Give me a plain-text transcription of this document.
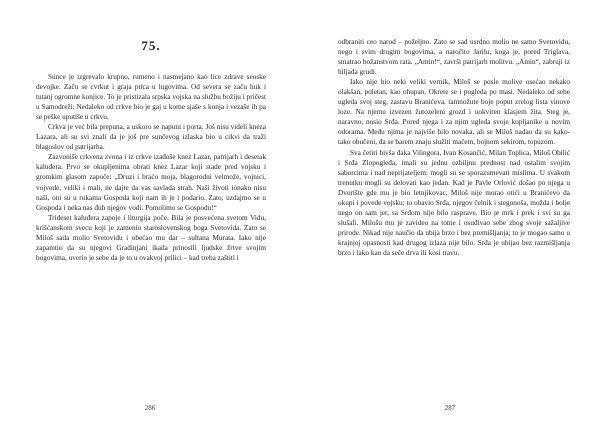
75.

Sunce je izgrevalo krupno, rumeno i nasmejano kao lice zdrave seoske devojke. Začu se cvrkut i graja ptica u lugovima. Od severa se začu huk i tutanj ogromne konjice. To je pristizala srpska vojska na službu božiju i pričest u Samodreži. Nedaleko od crkve bio je gaj u kome sjaše s konja i vezaše ih pa se peške uputiše u crkvu.

Crkva je već bila prepuna, a uskoro se napuni i porta. Još nisu videli kneza Lazara, ali su svi znali da je još pre sunčevog izlaska bio u crkvi da traži blagoslov od patrijarha.

Zazvoniše crkvena zvona i iz crkve izađoše knez Lazar, patrijarh i desetak kaluđera. Prvo se okupljenima obrati knez Lazar koji stade pred vojsku i gromkim glasom započe: „Druzi i braćo moja, blagorodni velmože, vojnici, vojvode, veliki i mali, ne dajte da vas savlada strah. Naši životi ionako nisu naši, oni su u rukama Gospoda koji nam ih je i podario. Zato, uzdajmo se u Gospoda i neka nas đuh njegov vodi. Pomolimo se Gospodu!“

Trideset kaluđera zapoje i liturgija poče. Bila je posvećena svetom Vidu, krišćanskom svecu koji je zamenio staroslovenskog boga Svetovida. Zato se Miloš sada molio Svetovidu i obećao mu dar – sultana Murata. Iako nije zapamtio da su njegovi Gradinjani ikada prinosili ljudske žrtve svojim bogovima, uverio je sebe da je to u ovakvoj prilici – kad treba zaštiti i

286

odbraniti ceo narod – poželjno. Zato se sad usrdno molio ne samo Svetovidu, nego i svim drugim bogovima, a naročito Jarilu, koga je, pored Triglava, smatrao božanstvom rata. „Amin!“, završi patrijarh molitvu. „Amin“, zabruji iz hiljada grudi.

Iako nije bio neki veliki vernik, Miloš se posle molive osećao nekako olakšan, poletan, kao ohupan. Okrete se i pogleda po masi. Nedaleko od sebe ugleda svoj steg, zastavu Branićeva, tamnožute boje poput zrelog lista vinove loze. Na njemu izvezen žutozeleni grozd i uokviren klasjem žita. Steg je, naravno, nosio Srđa. Pored njega i za njim ugleda svoje kopljanike u novim odorama. Među njima je najviše bilo novaka, ali se Miloš nadao da su kako-tako obučeni, da se barem znaju služiti mačem, bojnom sekirom, topuzom.

Sva četiri bivša đaka Vilingora, Ivan Kosančić, Milan Toplica, Miloš Obilić i Srđa Zlopogleđa, imali su jednu ozbiljnu prednost nad ostalim svojim saborcima i nad neprijateljem: mogli su se sporazumevati mislima. U svakom trenutku mogli su delovati kao jedan. Kad je Pavle Orlović došao po njega u Dvorište gde mu je bio letnjikovac, Miloš nije morao otići u Branićevo da okupi i povede vojsku; to obavio Srđa, njegov čelnik i stegonoša, možda i bolje nego on sam jer, sa Srđom nije bilo rasprave. Bio je mrk i prek i svi su ga slušali. Milošu mu je zavideo na tome i osuđivao sebe zbog svoje sažaljive prirode. Nikad nije naučio da ubija brzo i bez premišljanja; to je mogao samo u krajnjoj opasnosti kad drugog izlaza nije bilo. Srđa je ubijao bez razmišljanja brzo i lako kao da seče drva ili kosi travu.

287
